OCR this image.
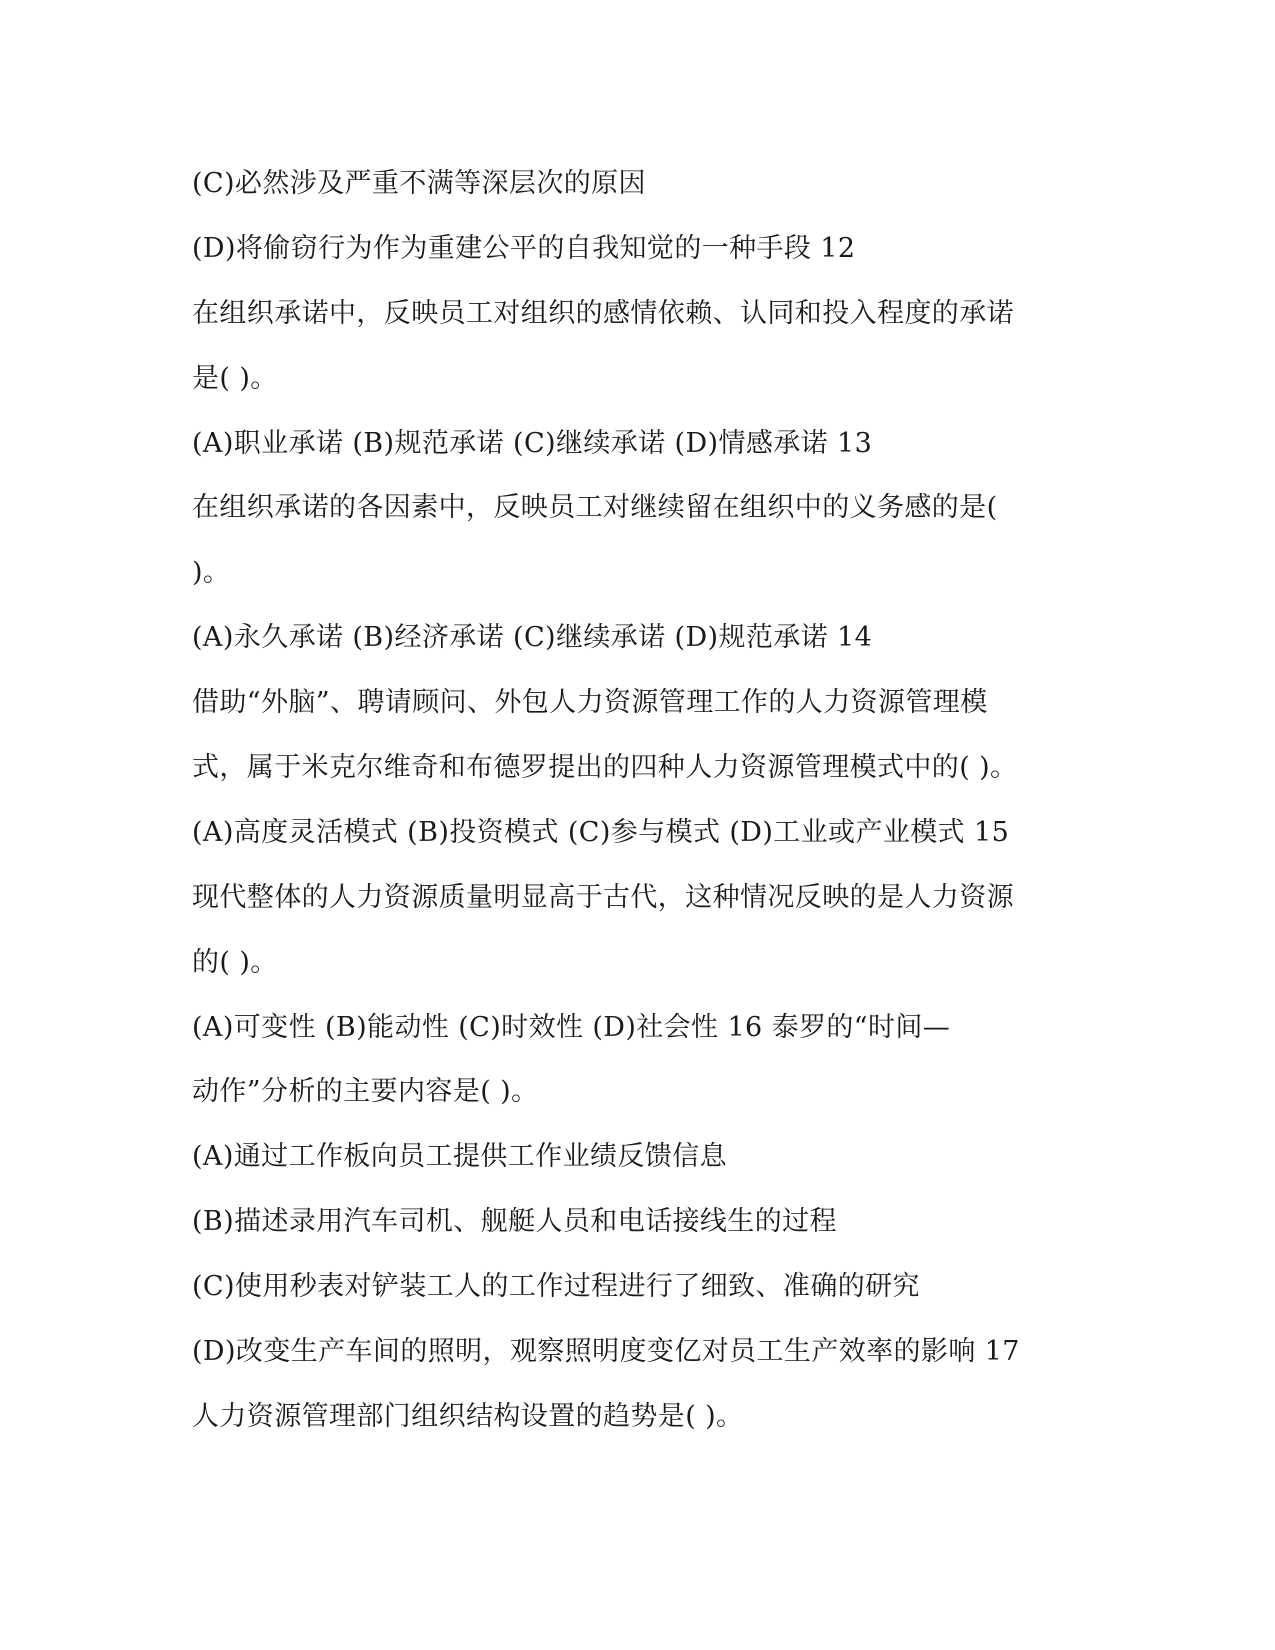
(C)必然涉及严重不满等深层次的原因
(D)将偷窃行为作为重建公平的自我知觉的一种手段 12
在组织承诺中，反映员工对组织的感情依赖、认同和投入程度的承诺
是( )。
(A)职业承诺 (B)规范承诺 (C)继续承诺 (D)情感承诺 13
在组织承诺的各因素中，反映员工对继续留在组织中的义务感的是(
)。
(A)永久承诺 (B)经济承诺 (C)继续承诺 (D)规范承诺 14
借助“外脑”、聘请顾问、外包人力资源管理工作的人力资源管理模
式，属于米克尔维奇和布德罗提出的四种人力资源管理模式中的( )。
(A)高度灵活模式 (B)投资模式 (C)参与模式 (D)工业或产业模式 15
现代整体的人力资源质量明显高于古代，这种情况反映的是人力资源
的( )。
(A)可变性 (B)能动性 (C)时效性 (D)社会性 16 泰罗的“时间—
动作”分析的主要内容是( )。
(A)通过工作板向员工提供工作业绩反馈信息
(B)描述录用汽车司机、舰艇人员和电话接线生的过程
(C)使用秒表对铲装工人的工作过程进行了细致、准确的研究
(D)改变生产车间的照明，观察照明度变亿对员工生产效率的影响 17
人力资源管理部门组织结构设置的趋势是( )。
